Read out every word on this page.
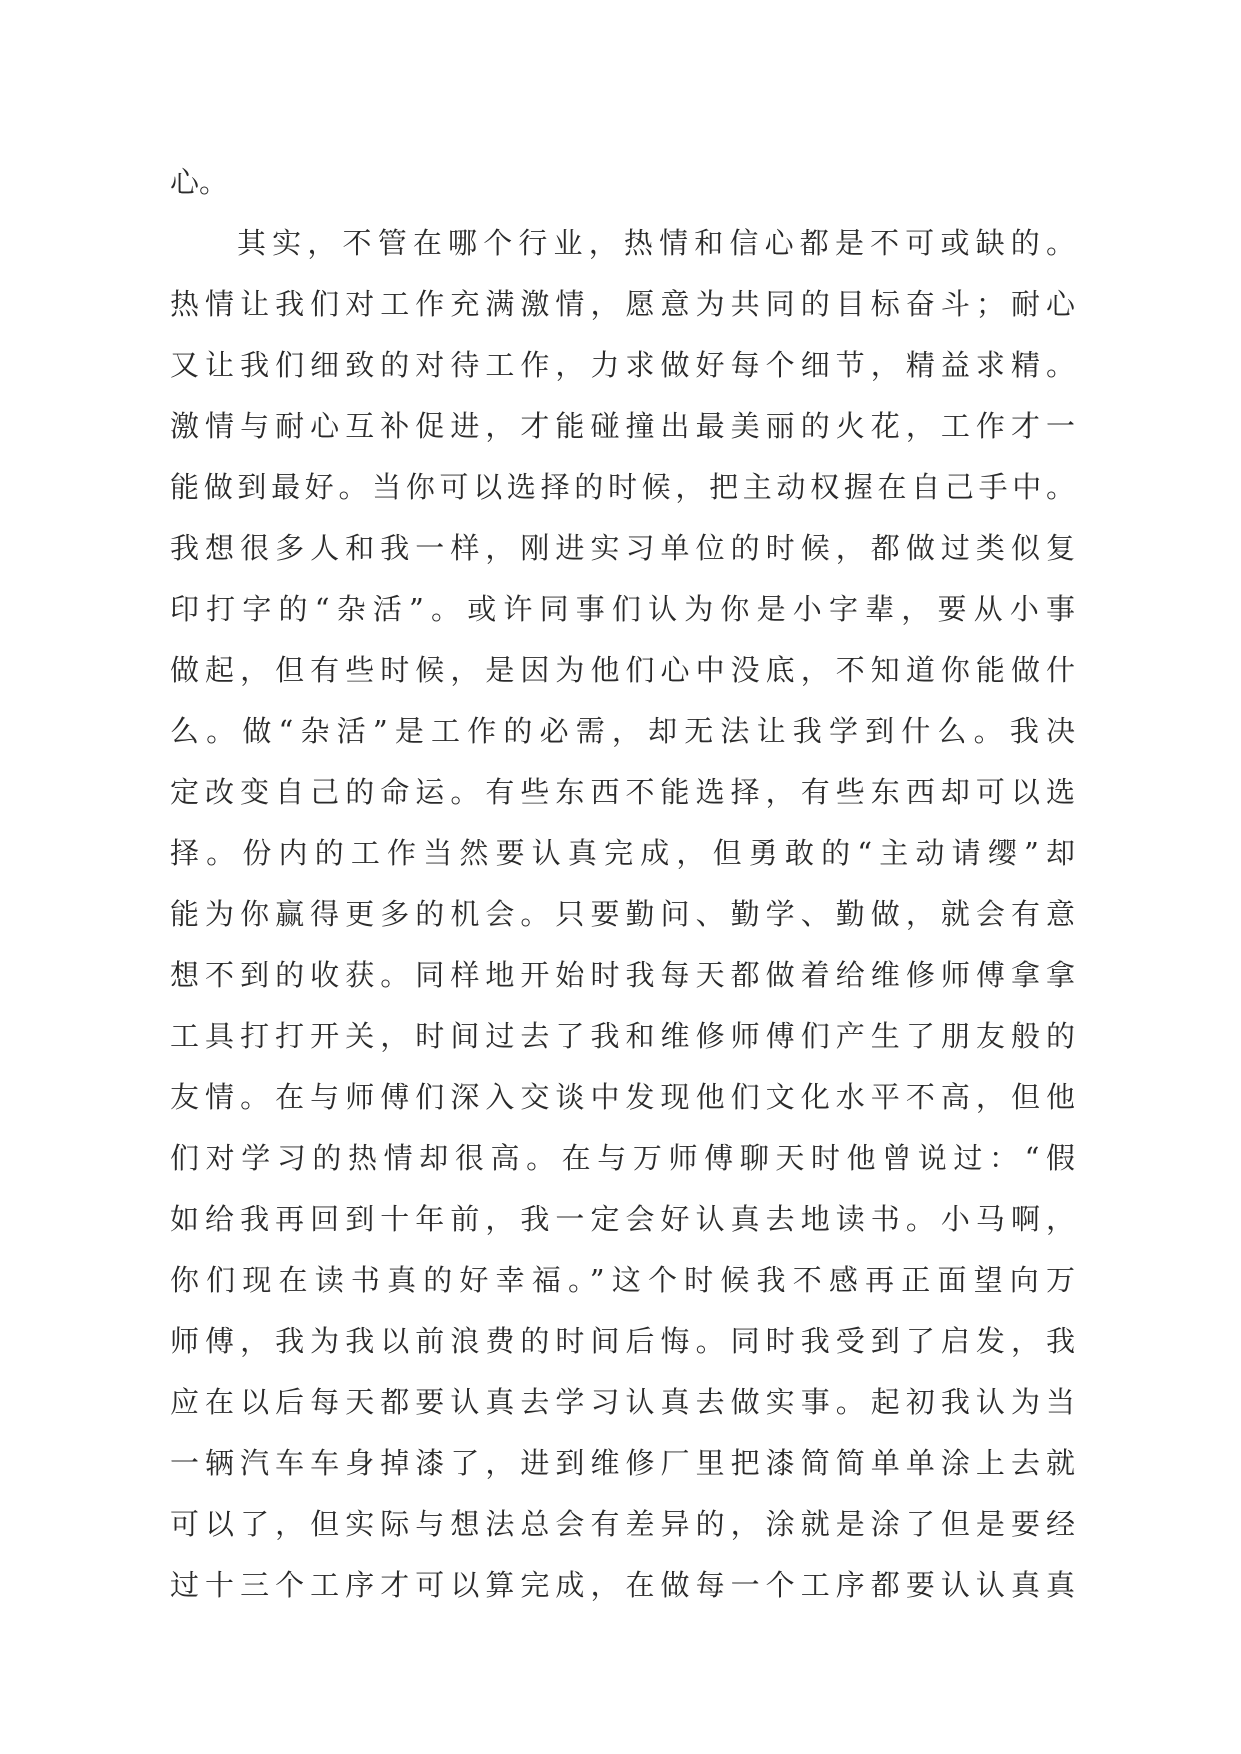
心。
其实，不管在哪个行业，热情和信心都是不可或缺的。
热情让我们对工作充满激情，愿意为共同的目标奋斗；耐心
又让我们细致的对待工作，力求做好每个细节，精益求精。
激情与耐心互补促进，才能碰撞出最美丽的火花，工作才一
能做到最好。当你可以选择的时候，把主动权握在自己手中。
我想很多人和我一样，刚进实习单位的时候，都做过类似复
印打字的“杂活”。或许同事们认为你是小字辈，要从小事
做起，但有些时候，是因为他们心中没底，不知道你能做什
么。做“杂活”是工作的必需，却无法让我学到什么。我决
定改变自己的命运。有些东西不能选择，有些东西却可以选
择。份内的工作当然要认真完成，但勇敢的“主动请缨”却
能为你赢得更多的机会。只要勤问、勤学、勤做，就会有意
想不到的收获。同样地开始时我每天都做着给维修师傅拿拿
工具打打开关，时间过去了我和维修师傅们产生了朋友般的
友情。在与师傅们深入交谈中发现他们文化水平不高，但他
们对学习的热情却很高。在与万师傅聊天时他曾说过：“假
如给我再回到十年前，我一定会好认真去地读书。小马啊，
你们现在读书真的好幸福。”这个时候我不感再正面望向万
师傅，我为我以前浪费的时间后悔。同时我受到了启发，我
应在以后每天都要认真去学习认真去做实事。起初我认为当
一辆汽车车身掉漆了，进到维修厂里把漆简简单单涂上去就
可以了，但实际与想法总会有差异的，涂就是涂了但是要经
过十三个工序才可以算完成，在做每一个工序都要认认真真
